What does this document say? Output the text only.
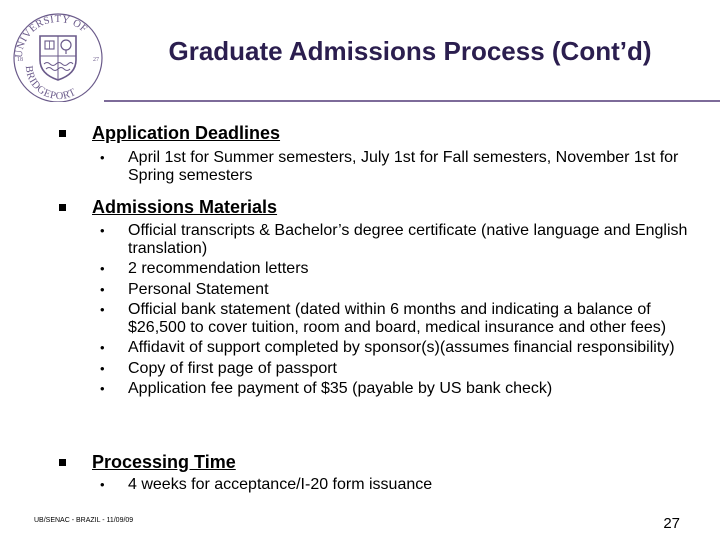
UNIVERSITY OF
BRIDGEPORT
18	27	Graduate Admissions Process (Cont’d)
Application Deadlines
• April 1st for Summer semesters, July 1st for Fall semesters, November 1st for Spring semesters
Admissions Materials
• Official transcripts & Bachelor’s degree certificate (native language and English translation)
• 2 recommendation letters
• Personal Statement
• Official bank statement (dated within 6 months and indicating a balance of $26,500 to cover tuition, room and board, medical insurance and other fees)
• Affidavit of support completed by sponsor(s)(assumes financial responsibility)
• Copy of first page of passport
• Application fee payment of $35 (payable by US bank check)
Processing Time
• 4 weeks for acceptance/I-20 form issuance
UB/SENAC - BRAZIL - 11/09/09	27
